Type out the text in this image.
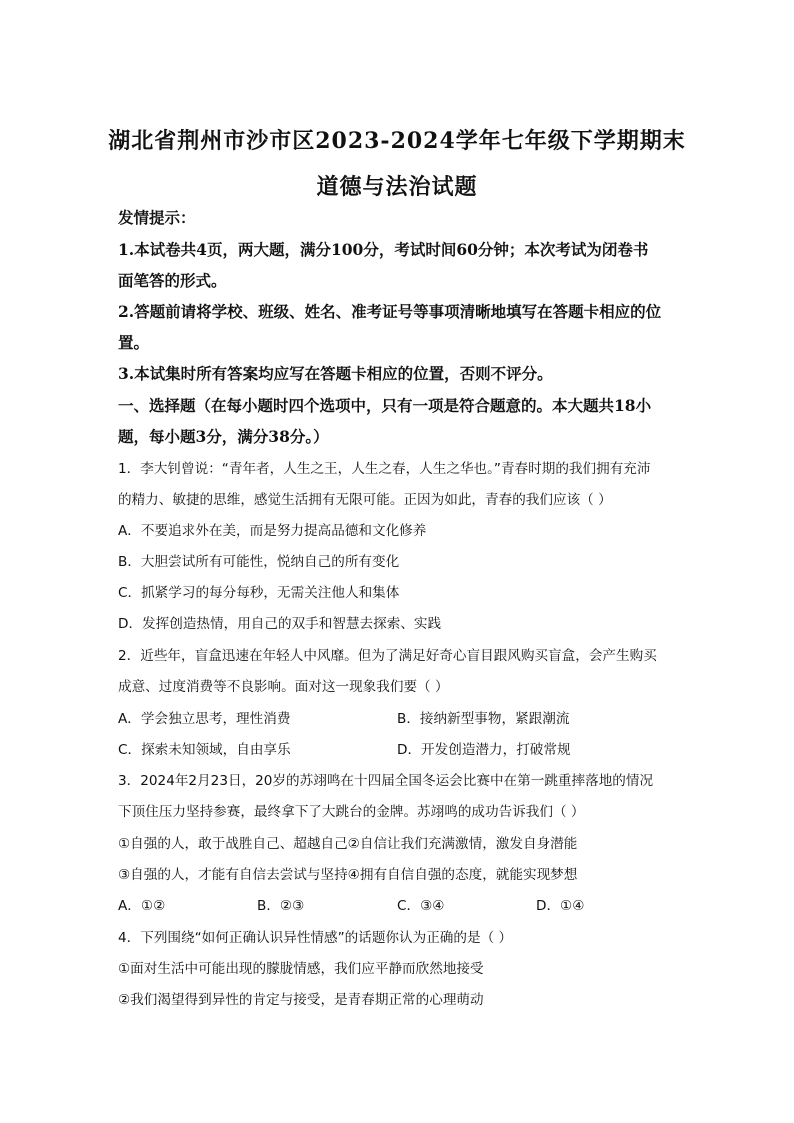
湖北省荆州市沙市区2023-2024学年七年级下学期期末
道德与法治试题
发情提示：
1.本试卷共4页，两大题，满分100分，考试时间60分钟；本次考试为闭卷书
面笔答的形式。
2.答题前请将学校、班级、姓名、准考证号等事项清晰地填写在答题卡相应的位
置。
3.本试集时所有答案均应写在答题卡相应的位置，否则不评分。
一、选择题（在每小题时四个选项中，只有一项是符合题意的。本大题共18小
题，每小题3分，满分38分。）
1．李大钊曾说：“青年者，人生之王，人生之春，人生之华也。”青春时期的我们拥有充沛
的精力、敏捷的思维，感觉生活拥有无限可能。正因为如此，青春的我们应该（ ）
A．不要追求外在美，而是努力提高品德和文化修养
B．大胆尝试所有可能性，悦纳自己的所有变化
C．抓紧学习的每分每秒，无需关注他人和集体
D．发挥创造热情，用自己的双手和智慧去探索、实践
2．近些年，盲盒迅速在年轻人中风靡。但为了满足好奇心盲目跟风购买盲盒，会产生购买
成意、过度消费等不良影响。面对这一现象我们要（ ）
A．学会独立思考，理性消费	B．接纳新型事物，紧跟潮流
C．探索未知领域，自由享乐	D．开发创造潜力，打破常规
3．2024年2月23日，20岁的苏翊鸣在十四届全国冬运会比赛中在第一跳重摔落地的情况
下顶住压力坚持参赛，最终拿下了大跳台的金牌。苏翊鸣的成功告诉我们（ ）
①自强的人，敢于战胜自己、超越自己②自信让我们充满激情，激发自身潜能
③自强的人，才能有自信去尝试与坚持④拥有自信自强的态度，就能实现梦想
A．①②	B．②③	C．③④	D．①④
4．下列围绕“如何正确认识异性情感”的话题你认为正确的是（ ）
①面对生活中可能出现的朦胧情感，我们应平静而欣然地接受
②我们渴望得到异性的肯定与接受，是青春期正常的心理萌动
